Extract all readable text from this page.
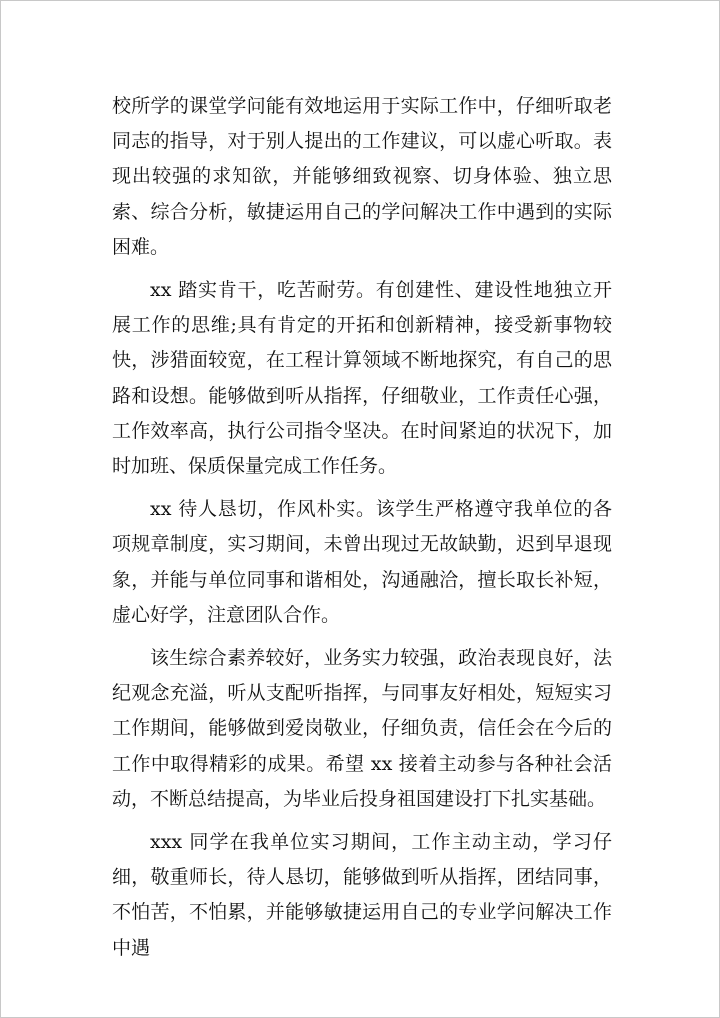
校所学的课堂学问能有效地运用于实际工作中，仔细听取老同志的指导，对于别人提出的工作建议，可以虚心听取。表现出较强的求知欲，并能够细致视察、切身体验、独立思索、综合分析，敏捷运用自己的学问解决工作中遇到的实际困难。

xx 踏实肯干，吃苦耐劳。有创建性、建设性地独立开展工作的思维;具有肯定的开拓和创新精神，接受新事物较快，涉猎面较宽，在工程计算领域不断地探究，有自己的思路和设想。能够做到听从指挥，仔细敬业，工作责任心强，工作效率高，执行公司指令坚决。在时间紧迫的状况下，加时加班、保质保量完成工作任务。

xx 待人恳切，作风朴实。该学生严格遵守我单位的各项规章制度，实习期间，未曾出现过无故缺勤，迟到早退现象，并能与单位同事和谐相处，沟通融洽，擅长取长补短，虚心好学，注意团队合作。

该生综合素养较好，业务实力较强，政治表现良好，法纪观念充溢，听从支配听指挥，与同事友好相处，短短实习工作期间，能够做到爱岗敬业，仔细负责，信任会在今后的工作中取得精彩的成果。希望 xx 接着主动参与各种社会活动，不断总结提高，为毕业后投身祖国建设打下扎实基础。

xxx 同学在我单位实习期间，工作主动主动，学习仔细，敬重师长，待人恳切，能够做到听从指挥，团结同事，不怕苦，不怕累，并能够敏捷运用自己的专业学问解决工作中遇
